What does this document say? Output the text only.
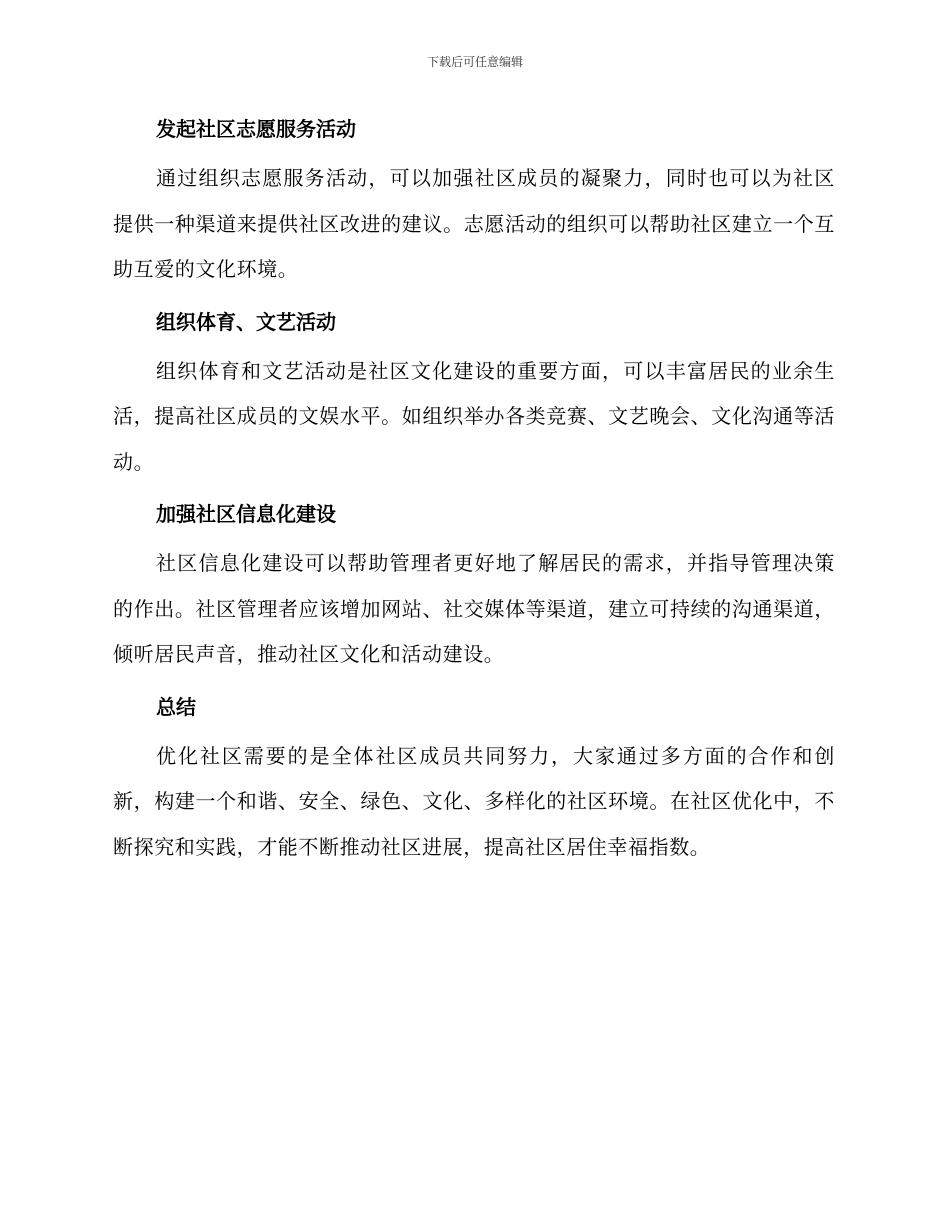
下载后可任意编辑
发起社区志愿服务活动

通过组织志愿服务活动，可以加强社区成员的凝聚力，同时也可以为社区提供一种渠道来提供社区改进的建议。志愿活动的组织可以帮助社区建立一个互助互爱的文化环境。

组织体育、文艺活动

组织体育和文艺活动是社区文化建设的重要方面，可以丰富居民的业余生活，提高社区成员的文娱水平。如组织举办各类竞赛、文艺晚会、文化沟通等活动。

加强社区信息化建设

社区信息化建设可以帮助管理者更好地了解居民的需求，并指导管理决策的作出。社区管理者应该增加网站、社交媒体等渠道，建立可持续的沟通渠道，倾听居民声音，推动社区文化和活动建设。

总结

优化社区需要的是全体社区成员共同努力，大家通过多方面的合作和创新，构建一个和谐、安全、绿色、文化、多样化的社区环境。在社区优化中，不断探究和实践，才能不断推动社区进展，提高社区居住幸福指数。
